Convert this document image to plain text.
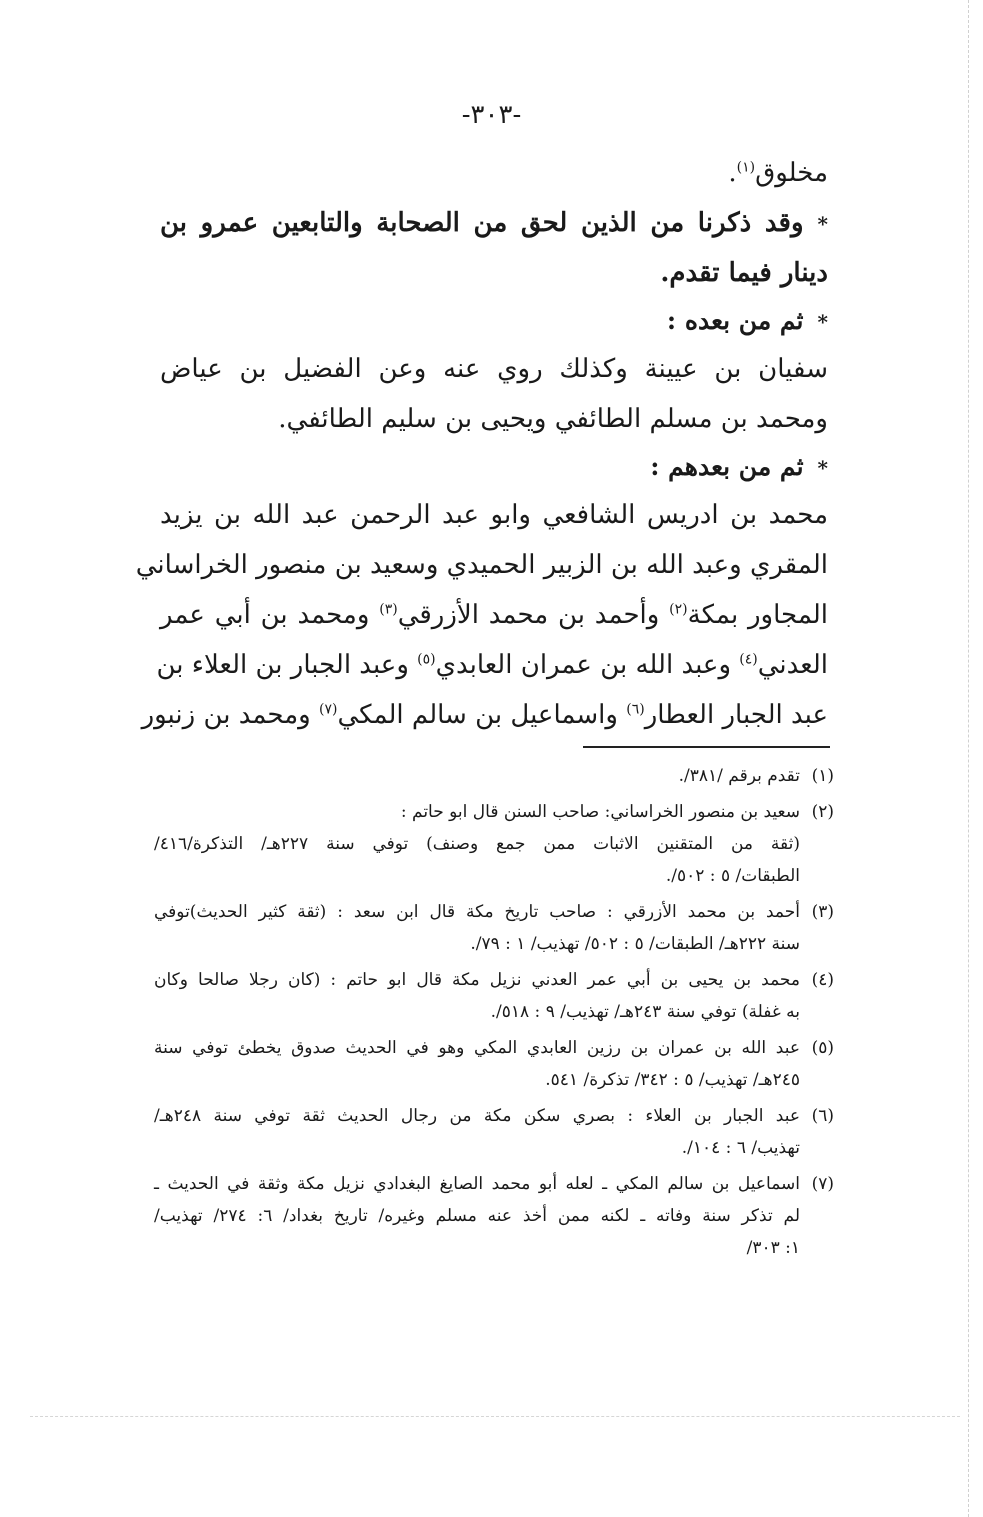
-٣٠٣-
مخلوق$^{(١)}$.
*وقد ذكرنا من الذين لحق من الصحابة والتابعين عمرو بن
دينار فيما تقدم.
*ثم من بعده :
سفيان بن عيينة وكذلك روي عنه وعن الفضيل بن عياض
ومحمد بن مسلم الطائفي ويحيى بن سليم الطائفي.
*ثم من بعدهم :
محمد بن ادريس الشافعي وابو عبد الرحمن عبد الله بن يزيد
المقري وعبد الله بن الزبير الحميدي وسعيد بن منصور الخراساني
المجاور بمكة$^{(٢)}$ وأحمد بن محمد الأزرقي$^{(٣)}$ ومحمد بن أبي عمر
العدني$^{(٤)}$ وعبد الله بن عمران العابدي$^{(٥)}$ وعبد الجبار بن العلاء بن
عبد الجبار العطار$^{(٦)}$ واسماعيل بن سالم المكي$^{(٧)}$ ومحمد بن زنبور
(١)
تقدم برقم /٣٨١/.
(٢)
سعيد بن منصور الخراساني: صاحب السنن قال ابو حاتم :
(ثقة من المتقنين الاثبات ممن جمع وصنف) توفي سنة ٢٢٧هـ/ التذكرة/٤١٦/
الطبقات/ ٥ : ٥٠٢/.
(٣)
أحمد بن محمد الأزرقي : صاحب تاريخ مكة قال ابن سعد : (ثقة كثير الحديث)توفي
سنة ٢٢٢هـ/ الطبقات/ ٥ : ٥٠٢/ تهذيب/ ١ : ٧٩/.
(٤)
محمد بن يحيى بن أبي عمر العدني نزيل مكة قال ابو حاتم : (كان رجلا صالحا وكان
به غفلة) توفي سنة ٢٤٣هـ/ تهذيب/ ٩ : ٥١٨/.
(٥)
عبد الله بن عمران بن رزين العابدي المكي وهو في الحديث صدوق يخطئ توفي سنة
٢٤٥هـ/ تهذيب/ ٥ : ٣٤٢/ تذكرة/ ٥٤١.
(٦)
عبد الجبار بن العلاء : بصري سكن مكة من رجال الحديث ثقة توفي سنة ٢٤٨هـ/
تهذيب/ ٦ : ١٠٤/.
(٧)
اسماعيل بن سالم المكي ـ لعله أبو محمد الصايغ البغدادي نزيل مكة وثقة في الحديث ـ
لم تذكر سنة وفاته ـ لكنه ممن أخذ عنه مسلم وغيره/ تاريخ بغداد/ ٦: ٢٧٤/ تهذيب/
١: ٣٠٣/
